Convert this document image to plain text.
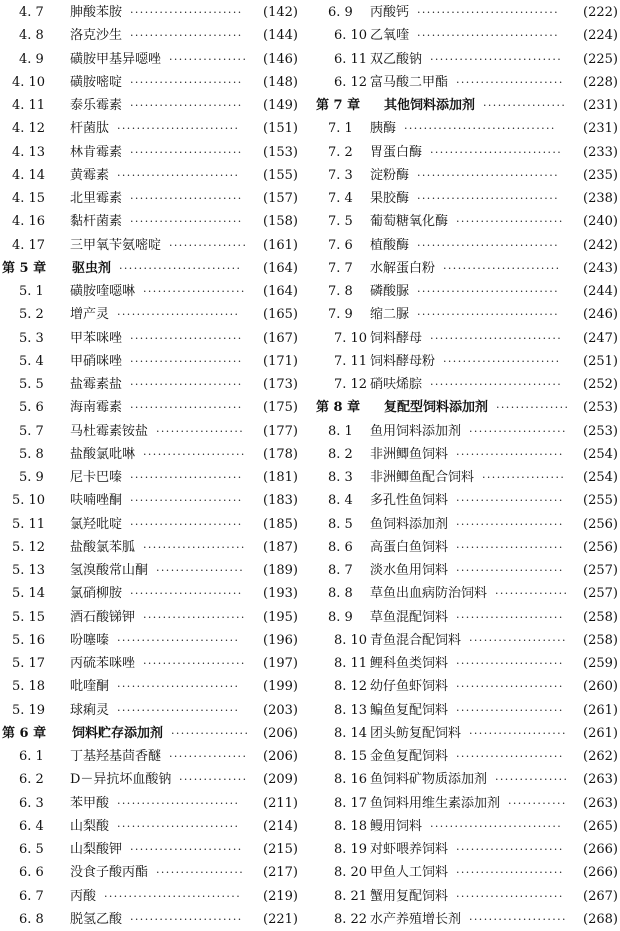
4. 7 胂酸苯胺 ·······················	(142)
4. 8 洛克沙生 ·······················	(144)
4. 9 磺胺甲基异噁唑 ················	(146)
4. 10 磺胺嘧啶 ·······················	(148)
4. 11 泰乐霉素 ·······················	(149)
4. 12 杆菌肽 ·························	(151)
4. 13 林肯霉素 ·······················	(153)
4. 14 黄霉素 ·························	(155)
4. 15 北里霉素 ·······················	(157)
4. 16 黏杆菌素 ·······················	(158)
4. 17 三甲氧苄氨嘧啶 ················	(161)
第 5 章 驱虫剂 ·························	(164)
5. 1 磺胺喹噁啉 ·····················	(164)
5. 2 增产灵 ·························	(165)
5. 3 甲苯咪唑 ·······················	(167)
5. 4 甲硝咪唑 ·······················	(171)
5. 5 盐霉素盐 ·······················	(173)
5. 6 海南霉素 ·······················	(175)
5. 7 马杜霉素铵盐 ··················	(177)
5. 8 盐酸氯吡啉 ·····················	(178)
5. 9 尼卡巴嗪 ·······················	(181)
5. 10 呋喃唑酮 ·······················	(183)
5. 11 氯羟吡啶 ·······················	(185)
5. 12 盐酸氯苯胍 ·····················	(187)
5. 13 氢溴酸常山酮 ··················	(189)
5. 14 氯硝柳胺 ·······················	(193)
5. 15 酒石酸锑钾 ·····················	(195)
5. 16 吩噻嗪 ·························	(196)
5. 17 丙硫苯咪唑 ·····················	(197)
5. 18 吡喹酮 ·························	(199)
5. 19 球痢灵 ·························	(203)
第 6 章 饲料贮存添加剂 ················	(206)
6. 1 丁基羟基茴香醚 ················	(206)
6. 2 D－异抗坏血酸钠 ··············	(209)
6. 3 苯甲酸 ·························	(211)
6. 4 山梨酸 ·························	(214)
6. 5 山梨酸钾 ·······················	(215)
6. 6 没食子酸丙酯 ··················	(217)
6. 7 丙酸 ····························	(219)
6. 8 脱氢乙酸 ·······················	(221)
6. 9 丙酸钙 ·····························	(222)
6. 10 乙氧喹 ·····························	(224)
6. 11 双乙酸钠 ···························	(225)
6. 12 富马酸二甲酯 ······················	(228)
第 7 章 其他饲料添加剂 ·················	(231)
7. 1 胰酶 ·······························	(231)
7. 2 胃蛋白酶 ···························	(233)
7. 3 淀粉酶 ·····························	(235)
7. 4 果胶酶 ·····························	(238)
7. 5 葡萄糖氧化酶 ······················	(240)
7. 6 植酸酶 ·····························	(242)
7. 7 水解蛋白粉 ························	(243)
7. 8 磷酸脲 ·····························	(244)
7. 9 缩二脲 ·····························	(246)
7. 10 饲料酵母 ···························	(247)
7. 11 饲料酵母粉 ························	(251)
7. 12 硝呋烯腙 ···························	(252)
第 8 章 复配型饲料添加剂 ···············	(253)
8. 1 鱼用饲料添加剂 ····················	(253)
8. 2 非洲鲫鱼饲料 ······················	(254)
8. 3 非洲鲫鱼配合饲料 ·················	(254)
8. 4 多孔性鱼饲料 ······················	(255)
8. 5 鱼饲料添加剂 ······················	(256)
8. 6 高蛋白鱼饲料 ······················	(256)
8. 7 淡水鱼用饲料 ······················	(257)
8. 8 草鱼出血病防治饲料 ···············	(257)
8. 9 草鱼混配饲料 ······················	(258)
8. 10 青鱼混合配饲料 ····················	(258)
8. 11 鲤科鱼类饲料 ······················	(259)
8. 12 幼仔鱼虾饲料 ······················	(260)
8. 13 鳊鱼复配饲料 ······················	(261)
8. 14 团头鲂复配饲料 ····················	(261)
8. 15 金鱼复配饲料 ······················	(262)
8. 16 鱼饲料矿物质添加剂 ···············	(263)
8. 17 鱼饲料用维生素添加剂 ············	(263)
8. 18 鳗用饲料 ···························	(265)
8. 19 对虾喂养饲料 ······················	(266)
8. 20 甲鱼人工饲料 ······················	(266)
8. 21 蟹用复配饲料 ······················	(267)
8. 22 水产养殖增长剂 ····················	(268)
